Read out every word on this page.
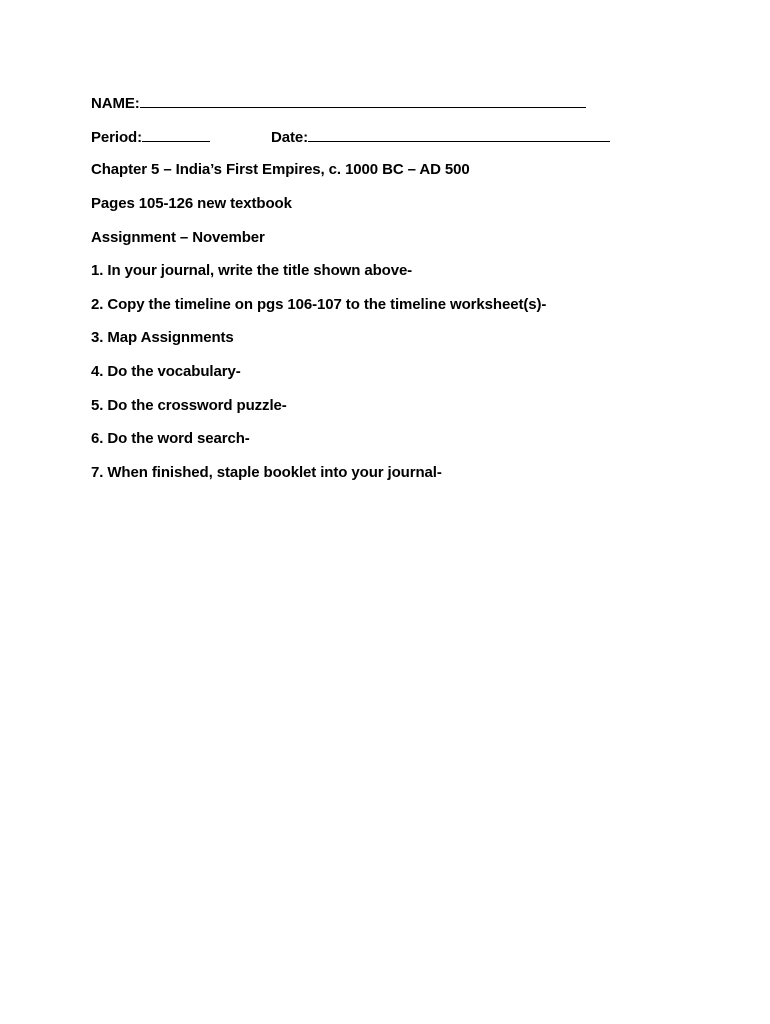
NAME:
Period:	Date:
Chapter 5 – India’s First Empires, c. 1000 BC – AD 500
Pages 105-126 new textbook
Assignment – November
1. In your journal, write the title shown above-
2. Copy the timeline on pgs 106-107 to the timeline worksheet(s)-
3. Map Assignments
4. Do the vocabulary-
5. Do the crossword puzzle-
6. Do the word search-
7. When finished, staple booklet into your journal-
